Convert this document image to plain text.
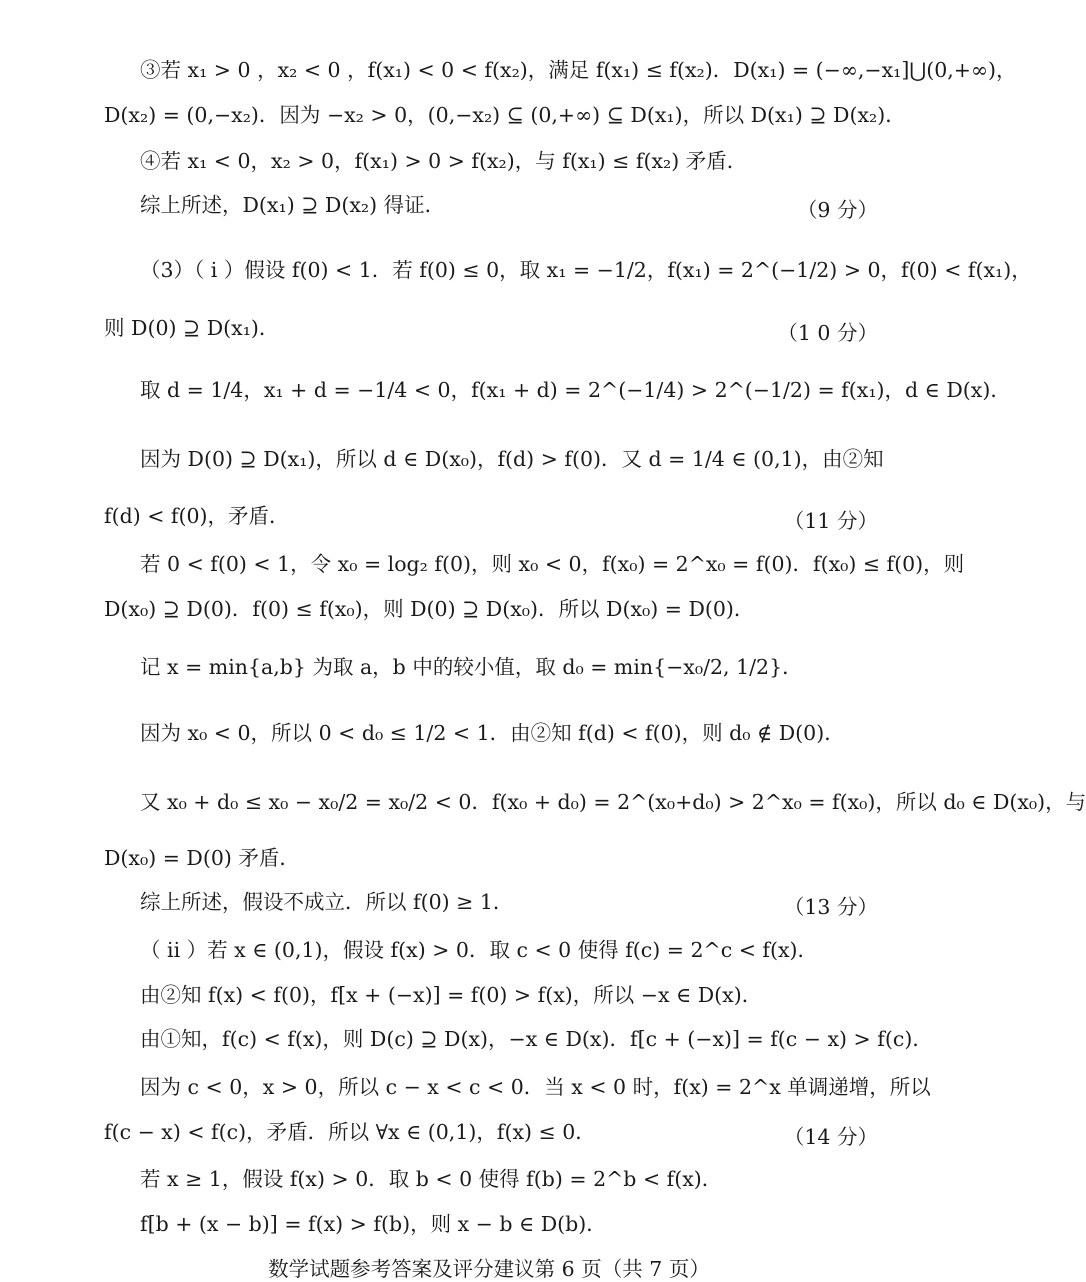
③若 x₁ > 0 ，x₂ < 0 ，f(x₁) < 0 < f(x₂)，满足 f(x₁) ≤ f(x₂)．D(x₁) = (−∞,−x₁]⋃(0,+∞)，
D(x₂) = (0,−x₂)．因为 −x₂ > 0，(0,−x₂) ⊆ (0,+∞) ⊆ D(x₁)，所以 D(x₁) ⊇ D(x₂)．
④若 x₁ < 0，x₂ > 0，f(x₁) > 0 > f(x₂)，与 f(x₁) ≤ f(x₂) 矛盾．
综上所述，D(x₁) ⊇ D(x₂) 得证．	（9 分）
（3）（ i ）假设 f(0) < 1．若 f(0) ≤ 0，取 x₁ = −1/2，f(x₁) = 2^(−1/2) > 0，f(0) < f(x₁)，
则 D(0) ⊇ D(x₁)．	（1 0 分）
取 d = 1/4，x₁ + d = −1/4 < 0，f(x₁ + d) = 2^(−1/4) > 2^(−1/2) = f(x₁)，d ∈ D(x)．
因为 D(0) ⊇ D(x₁)，所以 d ∈ D(x₀)，f(d) > f(0)．又 d = 1/4 ∈ (0,1)，由②知
f(d) < f(0)，矛盾．	（11 分）
若 0 < f(0) < 1，令 x₀ = log₂ f(0)，则 x₀ < 0，f(x₀) = 2^x₀ = f(0)．f(x₀) ≤ f(0)，则
D(x₀) ⊇ D(0)．f(0) ≤ f(x₀)，则 D(0) ⊇ D(x₀)．所以 D(x₀) = D(0)．
记 x = min{a,b} 为取 a，b 中的较小值，取 d₀ = min{−x₀/2, 1/2}．
因为 x₀ < 0，所以 0 < d₀ ≤ 1/2 < 1．由②知 f(d) < f(0)，则 d₀ ∉ D(0)．
又 x₀ + d₀ ≤ x₀ − x₀/2 = x₀/2 < 0．f(x₀ + d₀) = 2^(x₀+d₀) > 2^x₀ = f(x₀)，所以 d₀ ∈ D(x₀)，与
D(x₀) = D(0) 矛盾．
综上所述，假设不成立．所以 f(0) ≥ 1．	（13 分）
（ ii ）若 x ∈ (0,1)，假设 f(x) > 0．取 c < 0 使得 f(c) = 2^c < f(x)．
由②知 f(x) < f(0)，f[x + (−x)] = f(0) > f(x)，所以 −x ∈ D(x)．
由①知，f(c) < f(x)，则 D(c) ⊇ D(x)，−x ∈ D(x)．f[c + (−x)] = f(c − x) > f(c)．
因为 c < 0，x > 0，所以 c − x < c < 0．当 x < 0 时，f(x) = 2^x 单调递增，所以
f(c − x) < f(c)，矛盾．所以 ∀x ∈ (0,1)，f(x) ≤ 0．	（14 分）
若 x ≥ 1，假设 f(x) > 0．取 b < 0 使得 f(b) = 2^b < f(x)．
f[b + (x − b)] = f(x) > f(b)，则 x − b ∈ D(b)．
数学试题参考答案及评分建议第 6 页（共 7 页）
